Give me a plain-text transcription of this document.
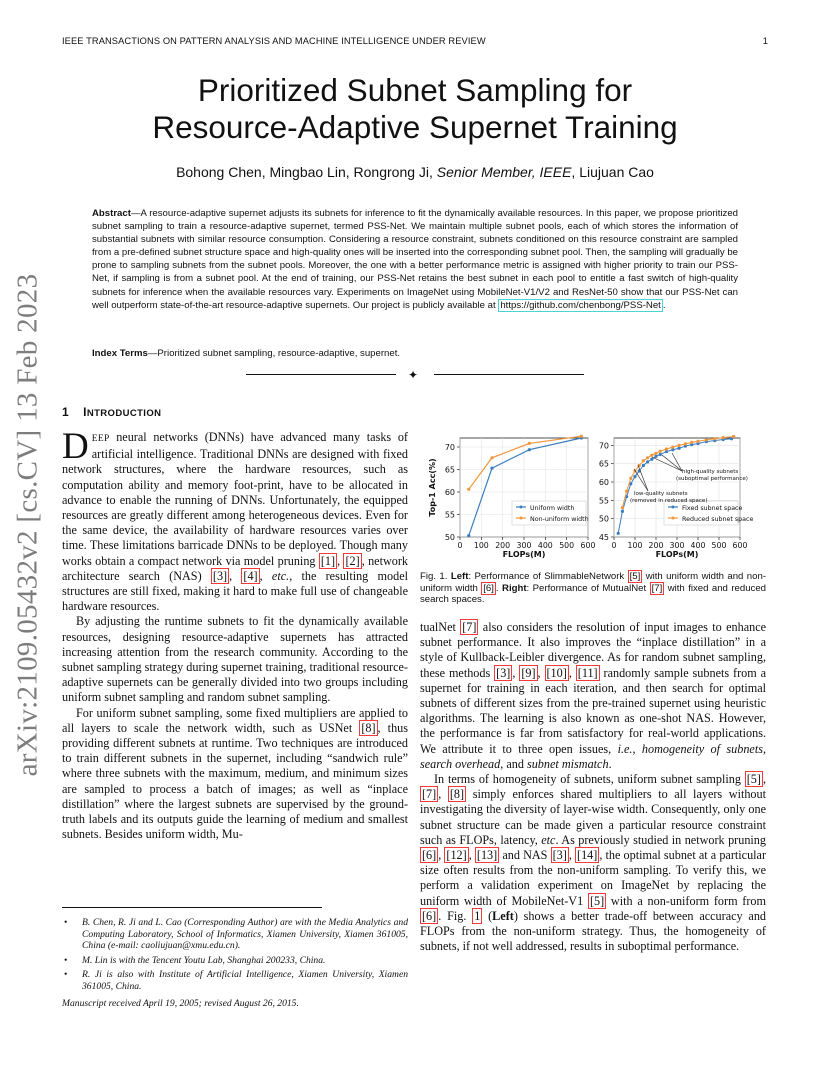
IEEE TRANSACTIONS ON PATTERN ANALYSIS AND MACHINE INTELLIGENCE UNDER REVIEW	1
arXiv:2109.05432v2 [cs.CV] 13 Feb 2023
Prioritized Subnet Sampling for
Resource-Adaptive Supernet Training
Bohong Chen, Mingbao Lin, Rongrong Ji, Senior Member, IEEE, Liujuan Cao
Abstract—A resource-adaptive supernet adjusts its subnets for inference to fit the dynamically available resources. In this paper, we propose prioritized subnet sampling to train a resource-adaptive supernet, termed PSS-Net. We maintain multiple subnet pools, each of which stores the information of substantial subnets with similar resource consumption. Considering a resource constraint, subnets conditioned on this resource constraint are sampled from a pre-defined subnet structure space and high-quality ones will be inserted into the corresponding subnet pool. Then, the sampling will gradually be prone to sampling subnets from the subnet pools. Moreover, the one with a better performance metric is assigned with higher priority to train our PSS-Net, if sampling is from a subnet pool. At the end of training, our PSS-Net retains the best subnet in each pool to entitle a fast switch of high-quality subnets for inference when the available resources vary. Experiments on ImageNet using MobileNet-V1/V2 and ResNet-50 show that our PSS-Net can well outperform state-of-the-art resource-adaptive supernets. Our project is publicly available at https://github.com/chenbong/PSS-Net .
Index Terms—Prioritized subnet sampling, resource-adaptive, supernet.
✦
1 INTRODUCTION

DEEP neural networks (DNNs) have advanced many tasks of artificial intelligence. Traditional DNNs are designed with fixed network structures, where the hardware resources, such as computation ability and memory foot-print, have to be allocated in advance to enable the running of DNNs. Unfortunately, the equipped resources are greatly different among heterogeneous devices. Even for the same device, the availability of hardware resources varies over time. These limitations barricade DNNs to be deployed. Though many works obtain a compact network via model pruning [1] , [2] , network architecture search (NAS) [3] , [4] , etc., the resulting model structures are still fixed, making it hard to make full use of changeable hardware resources.

By adjusting the runtime subnets to fit the dynamically available resources, designing resource-adaptive supernets has attracted increasing attention from the research community. According to the subnet sampling strategy during supernet training, traditional resource-adaptive supernets can be generally divided into two groups including uniform subnet sampling and random subnet sampling.

For uniform subnet sampling, some fixed multipliers are applied to all layers to scale the network width, such as USNet [8] , thus providing different subnets at runtime. Two techniques are introduced to train different subnets in the supernet, including “sandwich rule” where three subnets with the maximum, medium, and minimum sizes are sampled to process a batch of images; as well as “inplace distillation” where the largest subnets are supervised by the ground-truth labels and its outputs guide the learning of medium and smallest subnets. Besides uniform width, Mu-

• B. Chen, R. Ji and L. Cao (Corresponding Author) are with the Media Analytics and Computing Laboratory, School of Informatics, Xiamen University, Xiamen 361005, China (e-mail: caoliujuan@xmu.edu.cn).
• M. Lin is with the Tencent Youtu Lab, Shanghai 200233, China.
• R. Ji is also with Institute of Artificial Intelligence, Xiamen University, Xiamen 361005, China.
Manuscript received April 19, 2005; revised August 26, 2015.
50
55
60
65
70
0 100 200 300 400 500 600
FLOPs(M)
Top-1 Acc(%)	Uniform width
Non-uniform width
45
50
55
60
65
70
0 100 200 300 400 500 600
FLOPs(M)
Fixed subnet space
Reduced subnet space
high-quality subnets
(suboptimal performance)
low-quality subnets
(removed in reduced space)
Fig. 1. Left: Performance of SlimmableNetwork [5] with uniform width and non-uniform width [6] . Right: Performance of MutualNet [7] with fixed and reduced search spaces.

tualNet [7] also considers the resolution of input images to enhance subnet performance. It also improves the “inplace distillation” in a style of Kullback-Leibler divergence. As for random subnet sampling, these methods [3] , [9] , [10] , [11] randomly sample subnets from a supernet for training in each iteration, and then search for optimal subnets of different sizes from the pre-trained supernet using heuristic algorithms. The learning is also known as one-shot NAS. However, the performance is far from satisfactory for real-world applications. We attribute it to three open issues, i.e., homogeneity of subnets, search overhead, and subnet mismatch.

In terms of homogeneity of subnets, uniform subnet sampling [5] , [7] , [8] simply enforces shared multipliers to all layers without investigating the diversity of layer-wise width. Consequently, only one subnet structure can be made given a particular resource constraint such as FLOPs, latency, etc. As previously studied in network pruning [6] , [12] , [13] and NAS [3] , [14] , the optimal subnet at a particular size often results from the non-uniform sampling. To verify this, we perform a validation experiment on ImageNet by replacing the uniform width of MobileNet-V1 [5] with a non-uniform form from [6] . Fig. 1 (Left) shows a better trade-off between accuracy and FLOPs from the non-uniform strategy. Thus, the homogeneity of subnets, if not well addressed, results in suboptimal performance.
